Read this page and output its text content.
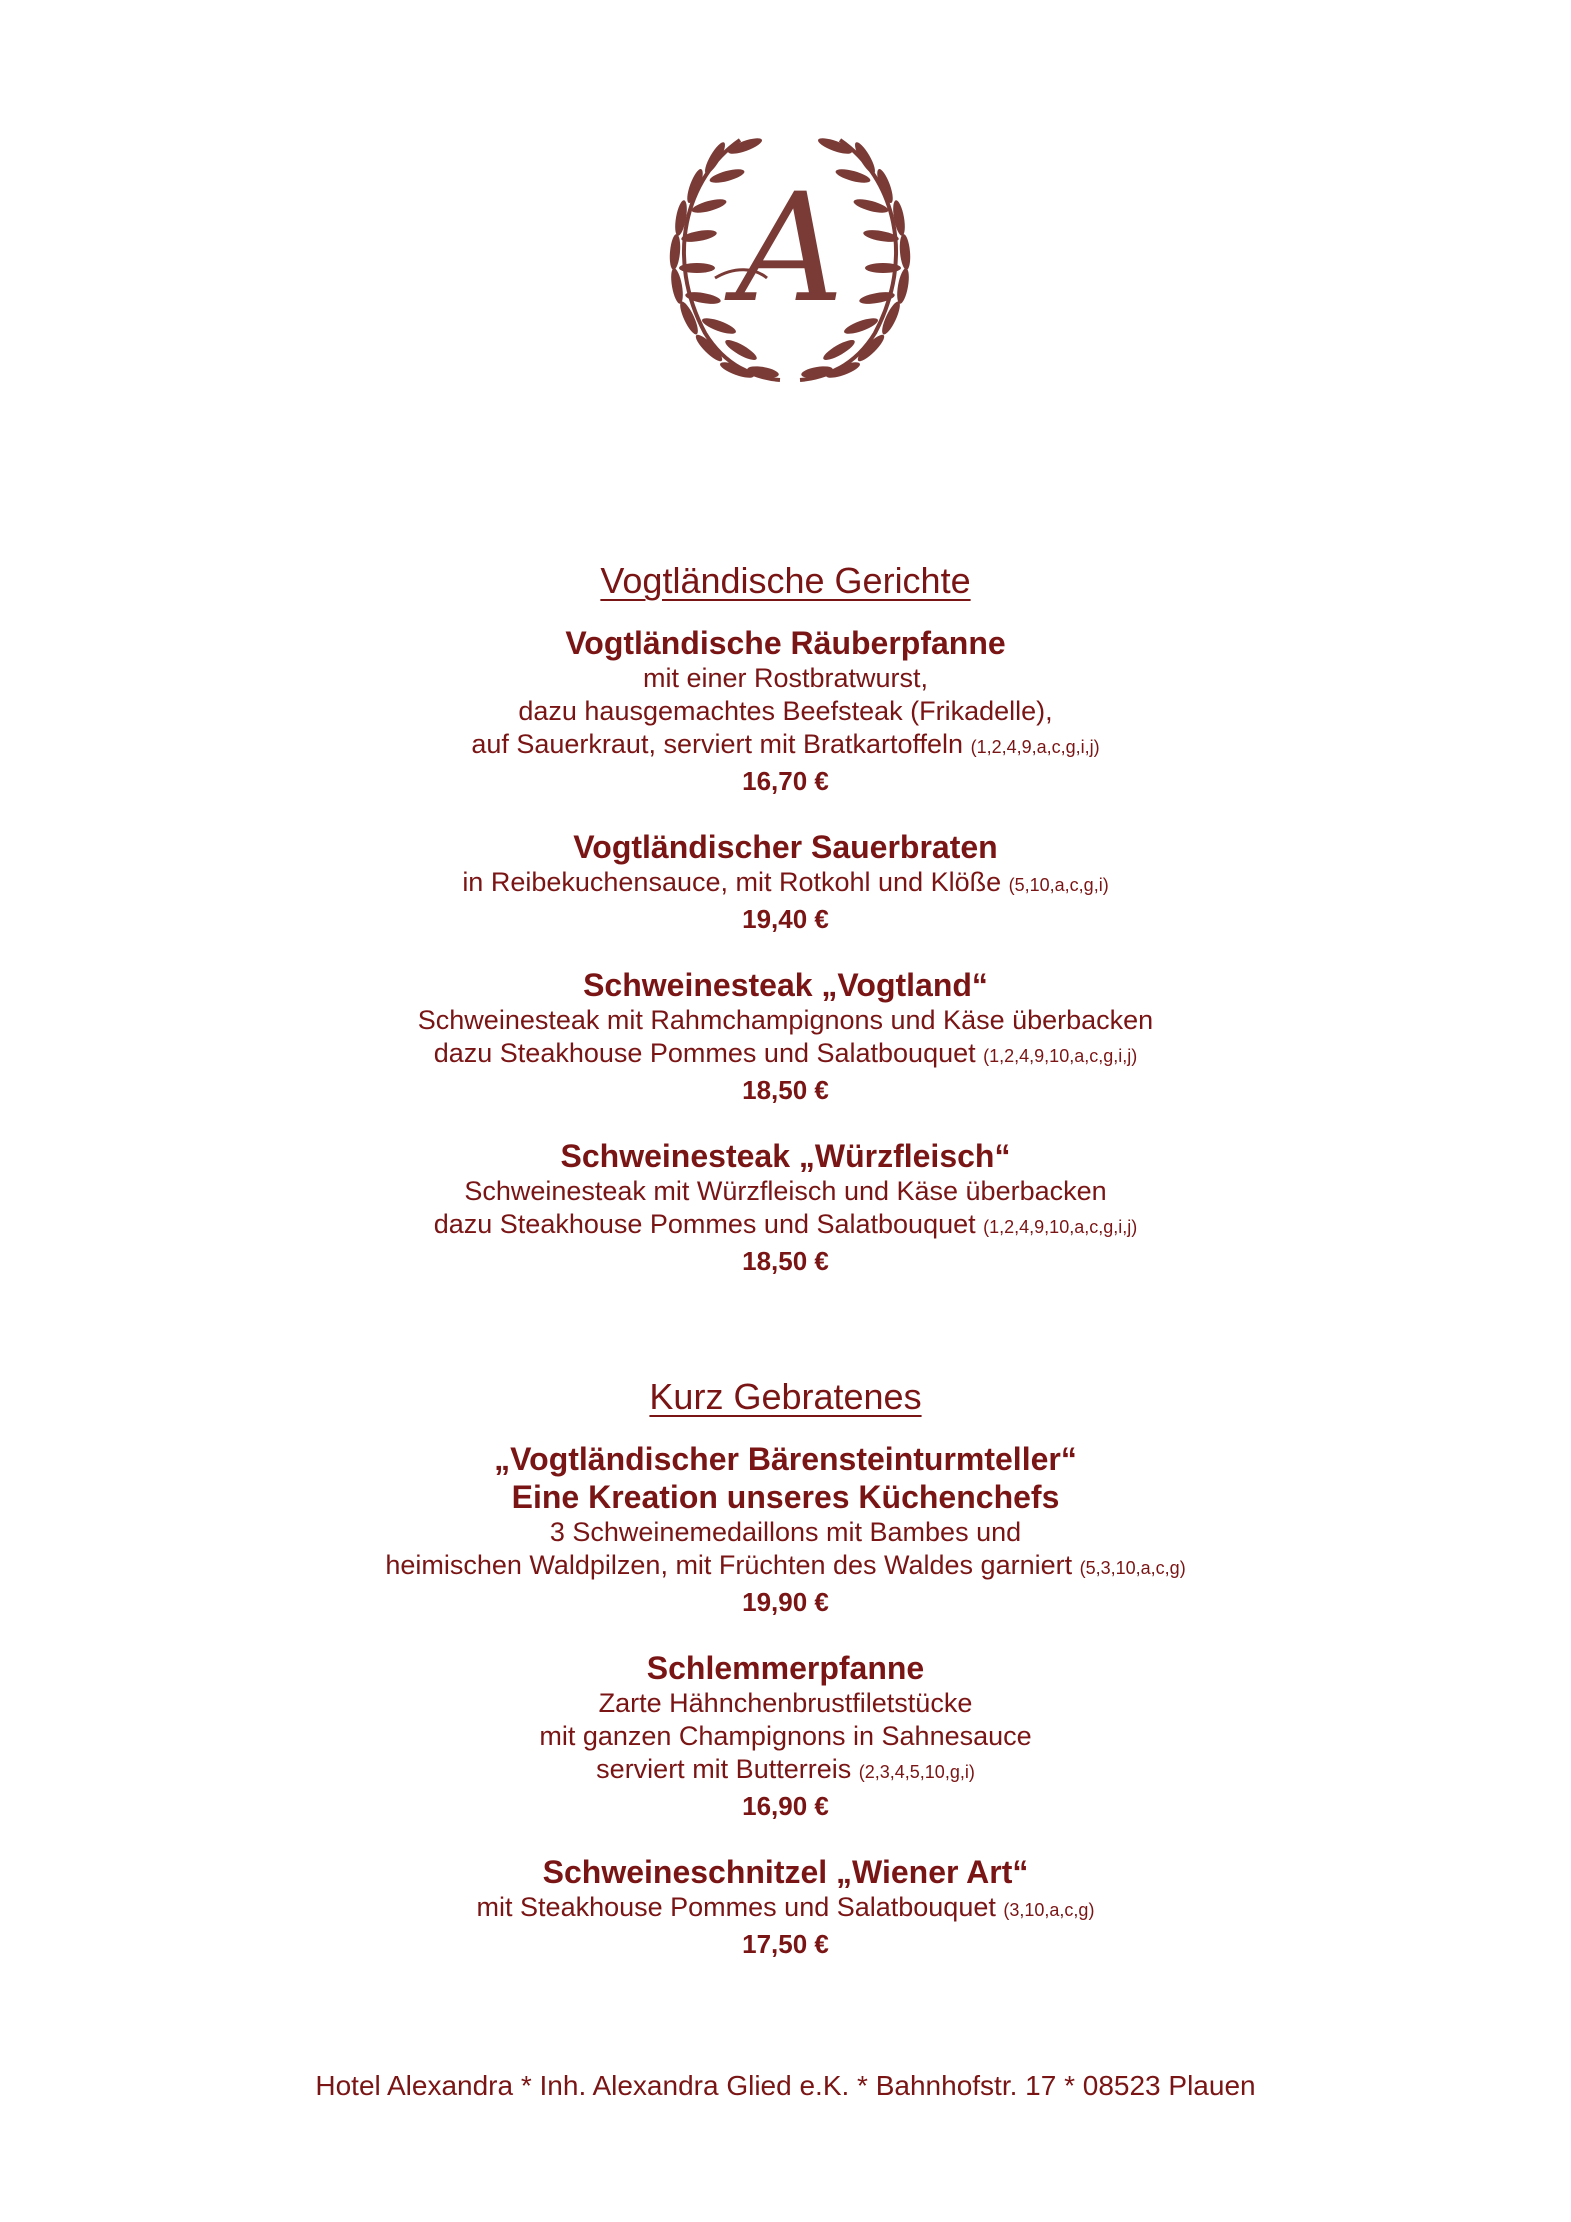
A
Vogtländische Gerichte
Vogtländische Räuberpfanne
mit einer Rostbratwurst,
dazu hausgemachtes Beefsteak (Frikadelle),
auf Sauerkraut, serviert mit Bratkartoffeln (1,2,4,9,a,c,g,i,j)
16,70 €
Vogtländischer Sauerbraten
in Reibekuchensauce, mit Rotkohl und Klöße (5,10,a,c,g,i)
19,40 €
Schweinesteak „Vogtland“
Schweinesteak mit Rahmchampignons und Käse überbacken
dazu Steakhouse Pommes und Salatbouquet (1,2,4,9,10,a,c,g,i,j)
18,50 €
Schweinesteak „Würzfleisch“
Schweinesteak mit Würzfleisch und Käse überbacken
dazu Steakhouse Pommes und Salatbouquet (1,2,4,9,10,a,c,g,i,j)
18,50 €
Kurz Gebratenes
„Vogtländischer Bärensteinturmteller“
Eine Kreation unseres Küchenchefs
3 Schweinemedaillons mit Bambes und
heimischen Waldpilzen, mit Früchten des Waldes garniert (5,3,10,a,c,g)
19,90 €
Schlemmerpfanne
Zarte Hähnchenbrustfiletstücke
mit ganzen Champignons in Sahnesauce
serviert mit Butterreis (2,3,4,5,10,g,i)
16,90 €
Schweineschnitzel „Wiener Art“
mit Steakhouse Pommes und Salatbouquet (3,10,a,c,g)
17,50 €
Hotel Alexandra * Inh. Alexandra Glied e.K. * Bahnhofstr. 17 * 08523 Plauen
